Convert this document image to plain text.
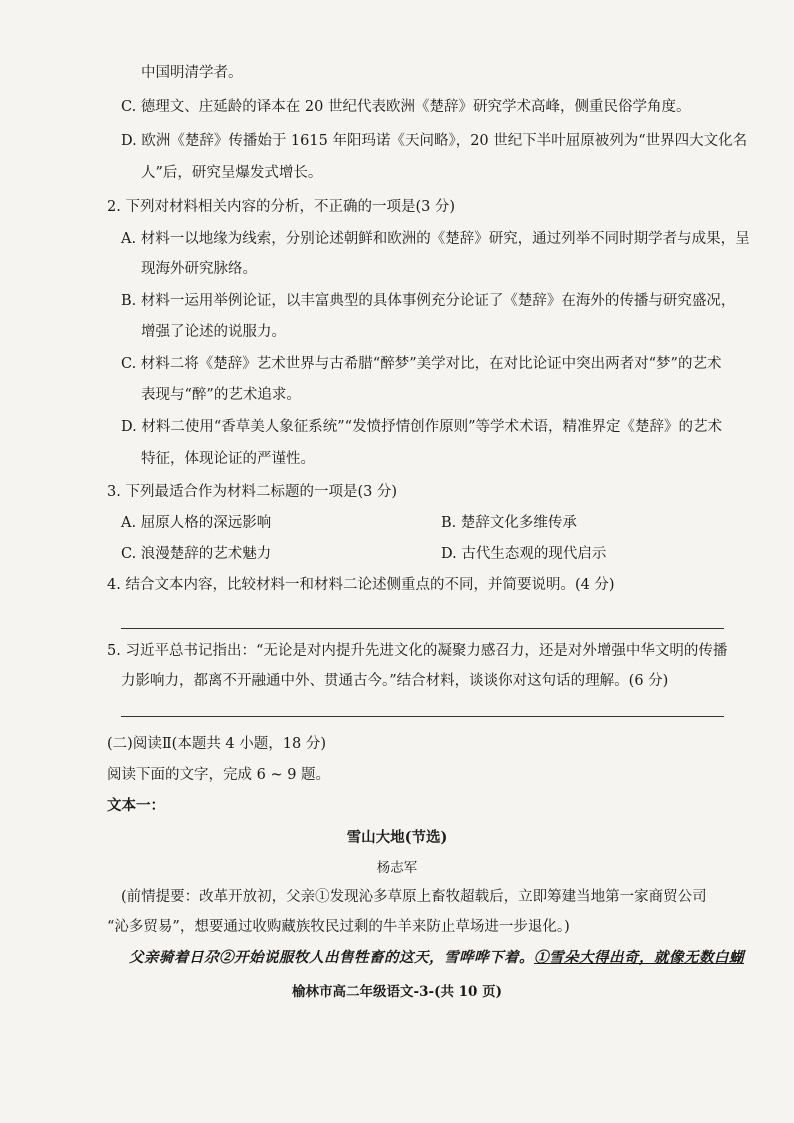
中国明清学者。
C. 德理文、庄延龄的译本在 20 世纪代表欧洲《楚辞》研究学术高峰，侧重民俗学角度。
D. 欧洲《楚辞》传播始于 1615 年阳玛诺《天问略》，20 世纪下半叶屈原被列为“世界四大文化名
人”后，研究呈爆发式增长。
2. 下列对材料相关内容的分析，不正确的一项是(3 分)
A. 材料一以地缘为线索，分别论述朝鲜和欧洲的《楚辞》研究，通过列举不同时期学者与成果，呈
现海外研究脉络。
B. 材料一运用举例论证，以丰富典型的具体事例充分论证了《楚辞》在海外的传播与研究盛况，
增强了论述的说服力。
C. 材料二将《楚辞》艺术世界与古希腊“醉梦”美学对比，在对比论证中突出两者对“梦”的艺术
表现与“醉”的艺术追求。
D. 材料二使用“香草美人象征系统”“发愤抒情创作原则”等学术术语，精准界定《楚辞》的艺术
特征，体现论证的严谨性。
3. 下列最适合作为材料二标题的一项是(3 分)
A. 屈原人格的深远影响	B. 楚辞文化多维传承
C. 浪漫楚辞的艺术魅力	D. 古代生态观的现代启示
4. 结合文本内容，比较材料一和材料二论述侧重点的不同，并简要说明。(4 分)
5. 习近平总书记指出：“无论是对内提升先进文化的凝聚力感召力，还是对外增强中华文明的传播
力影响力，都离不开融通中外、贯通古今。”结合材料，谈谈你对这句话的理解。(6 分)
(二)阅读Ⅱ(本题共 4 小题，18 分)
阅读下面的文字，完成 6 ~ 9 题。
文本一：
雪山大地(节选)
杨志军
(前情提要：改革开放初，父亲①发现沁多草原上畜牧超载后，立即筹建当地第一家商贸公司
“沁多贸易”，想要通过收购藏族牧民过剩的牛羊来防止草场进一步退化。)
父亲骑着日尕②开始说服牧人出售牲畜的这天，雪哗哗下着。①雪朵大得出奇，就像无数白蝴
榆林市高二年级语文-3-(共 10 页)
